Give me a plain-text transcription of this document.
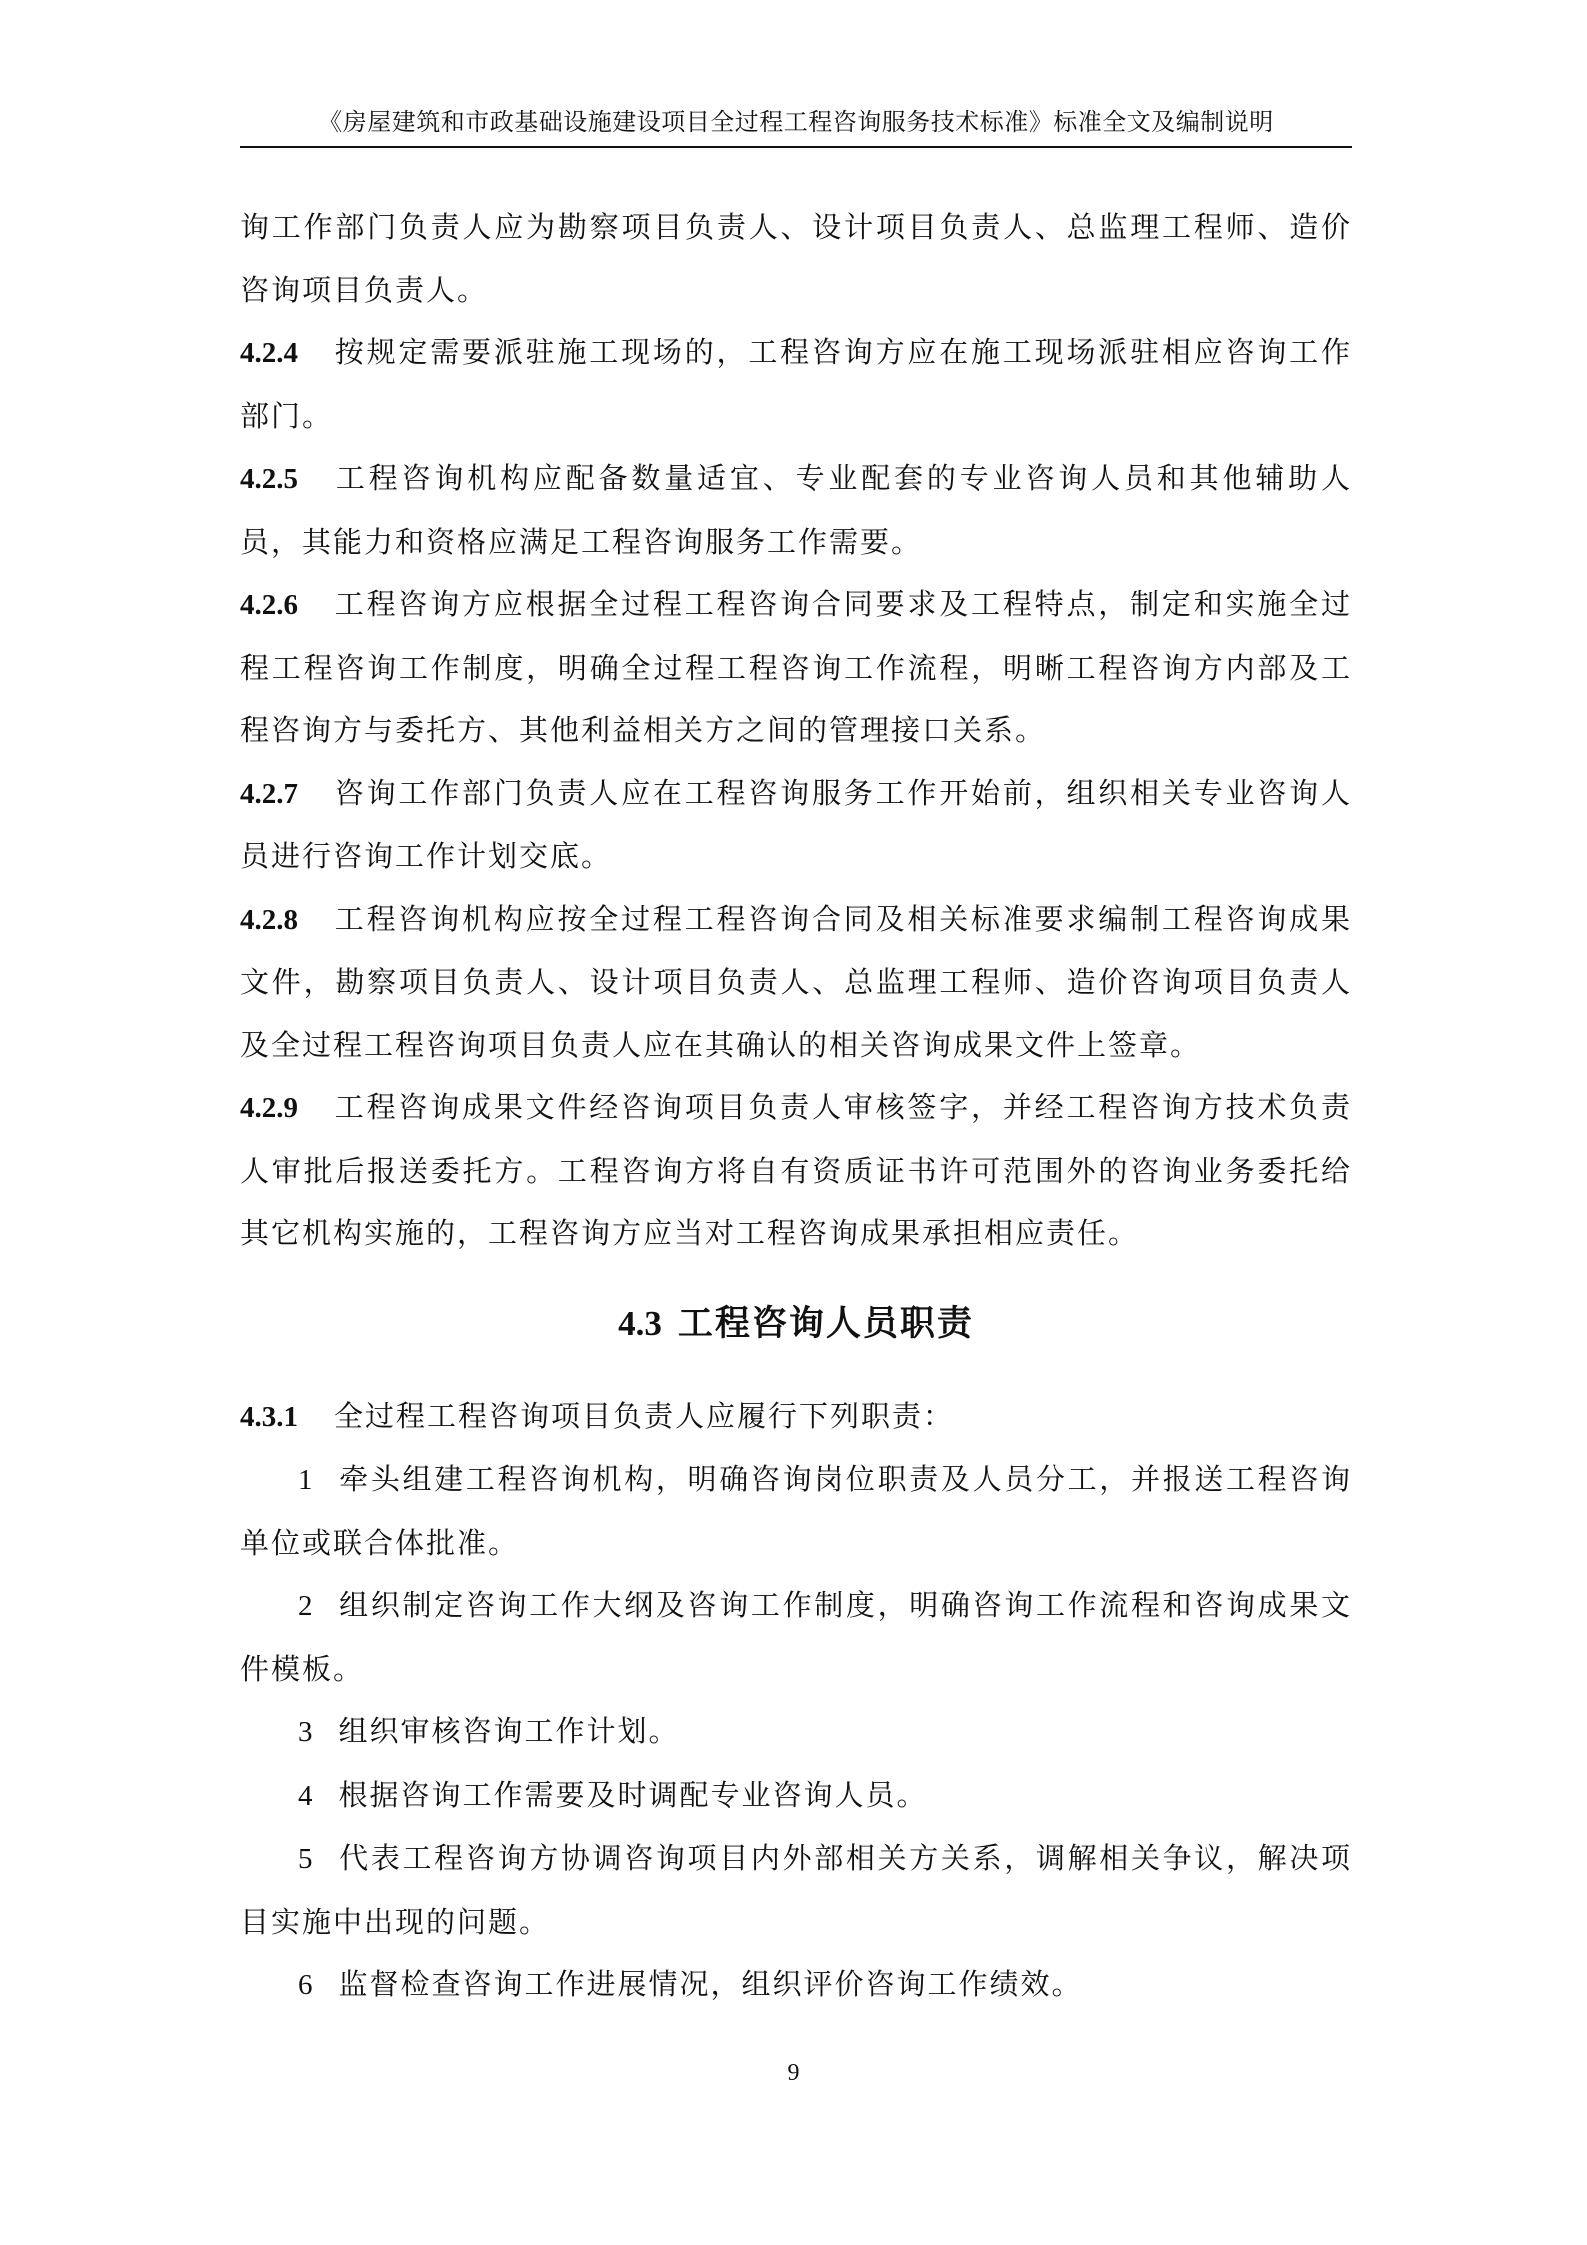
《房屋建筑和市政基础设施建设项目全过程工程咨询服务技术标准》标准全文及编制说明

询工作部门负责人应为勘察项目负责人、设计项目负责人、总监理工程师、造价咨询项目负责人。

4.2.4 按规定需要派驻施工现场的，工程咨询方应在施工现场派驻相应咨询工作部门。

4.2.5 工程咨询机构应配备数量适宜、专业配套的专业咨询人员和其他辅助人员，其能力和资格应满足工程咨询服务工作需要。

4.2.6 工程咨询方应根据全过程工程咨询合同要求及工程特点，制定和实施全过程工程咨询工作制度，明确全过程工程咨询工作流程，明晰工程咨询方内部及工程咨询方与委托方、其他利益相关方之间的管理接口关系。

4.2.7 咨询工作部门负责人应在工程咨询服务工作开始前，组织相关专业咨询人员进行咨询工作计划交底。

4.2.8 工程咨询机构应按全过程工程咨询合同及相关标准要求编制工程咨询成果文件，勘察项目负责人、设计项目负责人、总监理工程师、造价咨询项目负责人及全过程工程咨询项目负责人应在其确认的相关咨询成果文件上签章。

4.2.9 工程咨询成果文件经咨询项目负责人审核签字，并经工程咨询方技术负责人审批后报送委托方。工程咨询方将自有资质证书许可范围外的咨询业务委托给其它机构实施的，工程咨询方应当对工程咨询成果承担相应责任。

4.3 工程咨询人员职责

4.3.1 全过程工程咨询项目负责人应履行下列职责：

1 牵头组建工程咨询机构，明确咨询岗位职责及人员分工，并报送工程咨询单位或联合体批准。

2 组织制定咨询工作大纲及咨询工作制度，明确咨询工作流程和咨询成果文件模板。

3 组织审核咨询工作计划。

4 根据咨询工作需要及时调配专业咨询人员。

5 代表工程咨询方协调咨询项目内外部相关方关系，调解相关争议，解决项目实施中出现的问题。

6 监督检查咨询工作进展情况，组织评价咨询工作绩效。

9
